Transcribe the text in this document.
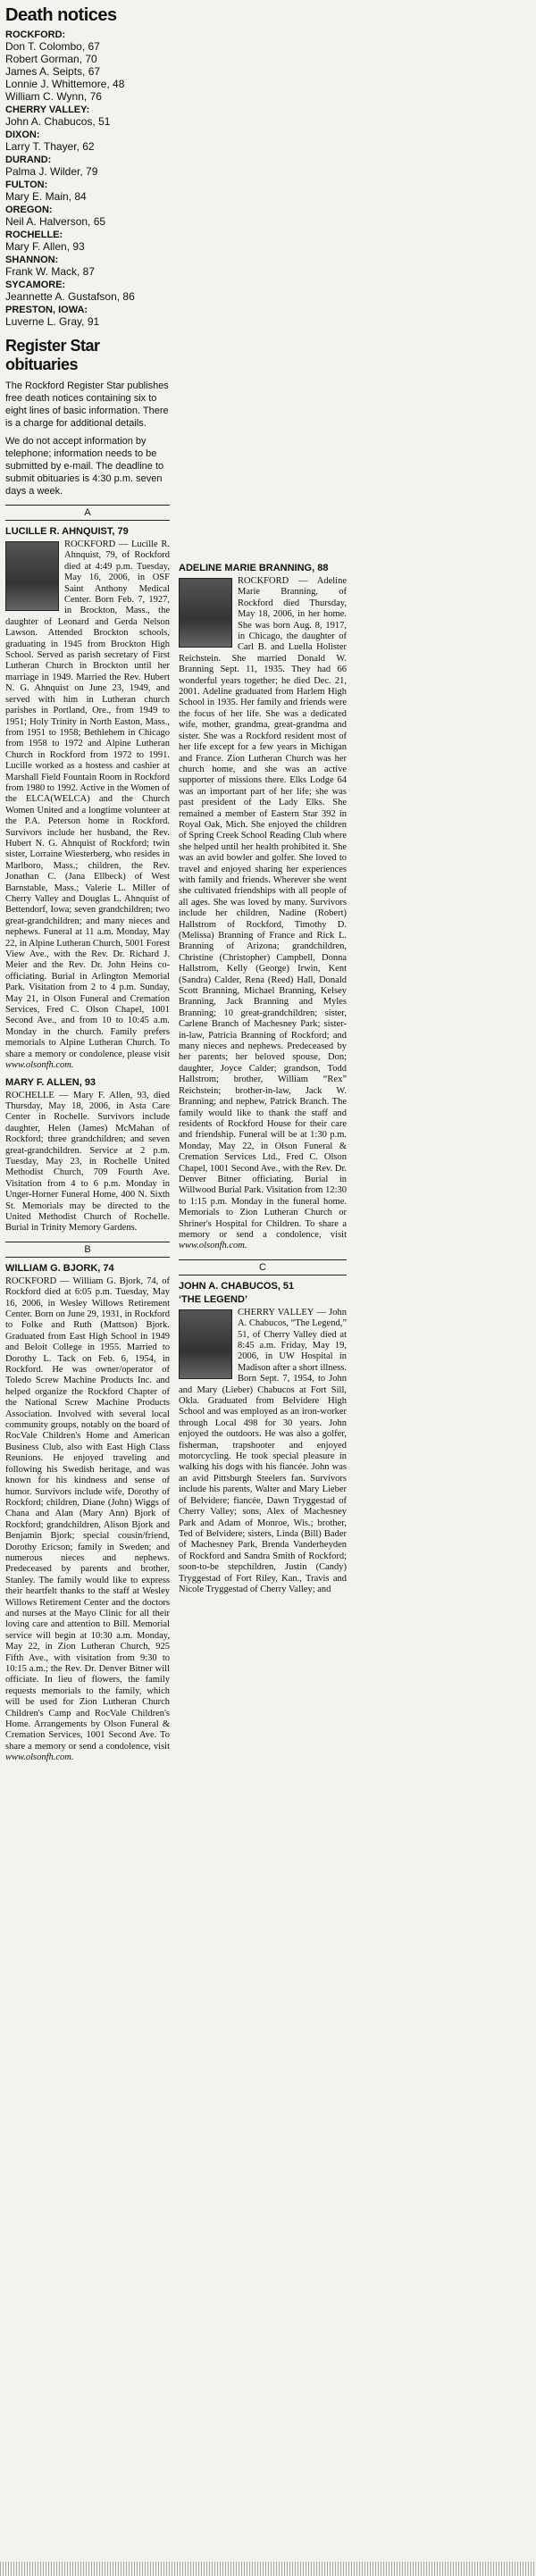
Death notices
ROCKFORD:
Don T. Colombo, 67
Robert Gorman, 70
James A. Seipts, 67
Lonnie J. Whittemore, 48
William C. Wynn, 76
CHERRY VALLEY:
John A. Chabucos, 51
DIXON:
Larry T. Thayer, 62
DURAND:
Palma J. Wilder, 79
FULTON:
Mary E. Main, 84
OREGON:
Neil A. Halverson, 65
ROCHELLE:
Mary F. Allen, 93
SHANNON:
Frank W. Mack, 87
SYCAMORE:
Jeannette A. Gustafson, 86
PRESTON, IOWA:
Luverne L. Gray, 91
Register Star obituaries

The Rockford Register Star publishes free death notices containing six to eight lines of basic information. There is a charge for additional details.

We do not accept information by telephone; information needs to be submitted by e-mail. The deadline to submit obituaries is 4:30 p.m. seven days a week.

A
LUCILLE R. AHNQUIST, 79

ROCKFORD — Lucille R. Ahnquist, 79, of Rockford died at 4:49 p.m. Tuesday, May 16, 2006, in OSF Saint Anthony Medical Center. Born Feb. 7, 1927, in Brockton, Mass., the daughter of Leonard and Gerda Nelson Lawson. Attended Brockton schools, graduating in 1945 from Brockton High School. Served as parish secretary of First Lutheran Church in Brockton until her marriage in 1949. Married the Rev. Hubert N. G. Ahnquist on June 23, 1949, and served with him in Lutheran church parishes in Portland, Ore., from 1949 to 1951; Holy Trinity in North Easton, Mass., from 1951 to 1958; Bethlehem in Chicago from 1958 to 1972 and Alpine Lutheran Church in Rockford from 1972 to 1991. Lucille worked as a hostess and cashier at Marshall Field Fountain Room in Rockford from 1980 to 1992. Active in the Women of the ELCA(WELCA) and the Church Women United and a longtime volunteer at the P.A. Peterson home in Rockford. Survivors include her husband, the Rev. Hubert N. G. Ahnquist of Rockford; twin sister, Lorraine Wiesterberg, who resides in Marlboro, Mass.; children, the Rev. Jonathan C. (Jana Ellbeck) of West Barnstable, Mass.; Valerie L. Miller of Cherry Valley and Douglas L. Ahnquist of Bettendorf, Iowa; seven grandchildren; two great-grandchildren; and many nieces and nephews. Funeral at 11 a.m. Monday, May 22, in Alpine Lutheran Church, 5001 Forest View Ave., with the Rev. Dr. Richard J. Meier and the Rev. Dr. John Heins co-officiating. Burial in Arlington Memorial Park. Visitation from 2 to 4 p.m. Sunday, May 21, in Olson Funeral and Cremation Services, Fred C. Olson Chapel, 1001 Second Ave., and from 10 to 10:45 a.m. Monday in the church. Family prefers memorials to Alpine Lutheran Church. To share a memory or condolence, please visit www.olsonfh.com.

MARY F. ALLEN, 93

ROCHELLE — Mary F. Allen, 93, died Thursday, May 18, 2006, in Asta Care Center in Rochelle. Survivors include daughter, Helen (James) McMahan of Rockford; three grandchildren; and seven great-grandchildren. Service at 2 p.m. Tuesday, May 23, in Rochelle United Methodist Church, 709 Fourth Ave. Visitation from 4 to 6 p.m. Monday in Unger-Horner Funeral Home, 400 N. Sixth St. Memorials may be directed to the United Methodist Church of Rochelle. Burial in Trinity Memory Gardens.

B
WILLIAM G. BJORK, 74

ROCKFORD — William G. Bjork, 74, of Rockford died at 6:05 p.m. Tuesday, May 16, 2006, in Wesley Willows Retirement Center. Born on June 29, 1931, in Rockford to Folke and Ruth (Mattson) Bjork. Graduated from East High School in 1949 and Beloit College in 1955. Married to Dorothy L. Tack on Feb. 6, 1954, in Rockford. He was owner/operator of Toledo Screw Machine Products Inc. and helped organize the Rockford Chapter of the National Screw Machine Products Association. Involved with several local community groups, notably on the board of RocVale Children's Home and American Business Club, also with East High Class Reunions. He enjoyed traveling and following his Swedish heritage, and was known for his kindness and sense of humor. Survivors include wife, Dorothy of Rockford; children, Diane (John) Wiggs of Chana and Alan (Mary Ann) Bjork of Rockford; grandchildren, Alison Bjork and Benjamin Bjork; special cousin/friend, Dorothy Ericson; family in Sweden; and numerous nieces and nephews. Predeceased by parents and brother, Stanley. The family would like to express their heartfelt thanks to the staff at Wesley Willows Retirement Center and the doctors and nurses at the Mayo Clinic for all their loving care and attention to Bill. Memorial service will begin at 10:30 a.m. Monday, May 22, in Zion Lutheran Church, 925 Fifth Ave., with visitation from 9:30 to 10:15 a.m.; the Rev. Dr. Denver Bitner will officiate. In lieu of flowers, the family requests memorials to the family, which will be used for Zion Lutheran Church Children's Camp and RocVale Children's Home. Arrangements by Olson Funeral & Cremation Services, 1001 Second Ave. To share a memory or send a condolence, visit www.olsonfh.com.

ADELINE MARIE BRANNING, 88

ROCKFORD — Adeline Marie Branning, of Rockford died Thursday, May 18, 2006, in her home. She was born Aug. 8, 1917, in Chicago, the daughter of Carl B. and Luella Holister Reichstein. She married Donald W. Branning Sept. 11, 1935. They had 66 wonderful years together; he died Dec. 21, 2001. Adeline graduated from Harlem High School in 1935. Her family and friends were the focus of her life. She was a dedicated wife, mother, grandma, great-grandma and sister. She was a Rockford resident most of her life except for a few years in Michigan and France. Zion Lutheran Church was her church home, and she was an active supporter of missions there. Elks Lodge 64 was an important part of her life; she was past president of the Lady Elks. She remained a member of Eastern Star 392 in Royal Oak, Mich. She enjoyed the children of Spring Creek School Reading Club where she helped until her health prohibited it. She was an avid bowler and golfer. She loved to travel and enjoyed sharing her experiences with family and friends. Wherever she went she cultivated friendships with all people of all ages. She was loved by many. Survivors include her children, Nadine (Robert) Hallstrom of Rockford, Timothy D. (Melissa) Branning of France and Rick L. Branning of Arizona; grandchildren, Christine (Christopher) Campbell, Donna Hallstrom, Kelly (George) Irwin, Kent (Sandra) Calder, Rena (Reed) Hall, Donald Scott Branning, Michael Branning, Kelsey Branning, Jack Branning and Myles Branning; 10 great-grandchildren; sister, Carlene Branch of Machesney Park; sister-in-law, Patricia Branning of Rockford; and many nieces and nephews. Predeceased by her parents; her beloved spouse, Don; daughter, Joyce Calder; grandson, Todd Hallstrom; brother, William “Rex” Reichstein; brother-in-law, Jack W. Branning; and nephew, Patrick Branch. The family would like to thank the staff and residents of Rockford House for their care and friendship. Funeral will be at 1:30 p.m. Monday, May 22, in Olson Funeral & Cremation Services Ltd., Fred C. Olson Chapel, 1001 Second Ave., with the Rev. Dr. Denver Bitner officiating. Burial in Willwood Burial Park. Visitation from 12:30 to 1:15 p.m. Monday in the funeral home. Memorials to Zion Lutheran Church or Shriner's Hospital for Children. To share a memory or send a condolence, visit www.olsonfh.com.

C
JOHN A. CHABUCOS, 51
‘THE LEGEND’

CHERRY VALLEY — John A. Chabucos, “The Legend,” 51, of Cherry Valley died at 8:45 a.m. Friday, May 19, 2006, in UW Hospital in Madison after a short illness. Born Sept. 7, 1954, to John and Mary (Lieber) Chabucos at Fort Sill, Okla. Graduated from Belvidere High School and was employed as an iron-worker through Local 498 for 30 years. John enjoyed the outdoors. He was also a golfer, fisherman, trapshooter and enjoyed motorcycling. He took special pleasure in walking his dogs with his fiancée. John was an avid Pittsburgh Steelers fan. Survivors include his parents, Walter and Mary Lieber of Belvidere; fiancée, Dawn Tryggestad of Cherry Valley; sons, Alex of Machesney Park and Adam of Monroe, Wis.; brother, Ted of Belvidere; sisters, Linda (Bill) Bader of Machesney Park, Brenda Vanderheyden of Rockford and Sandra Smith of Rockford; soon-to-be stepchildren, Justin (Candy) Tryggestad of Fort Riley, Kan., Travis and Nicole Tryggestad of Cherry Valley; and
